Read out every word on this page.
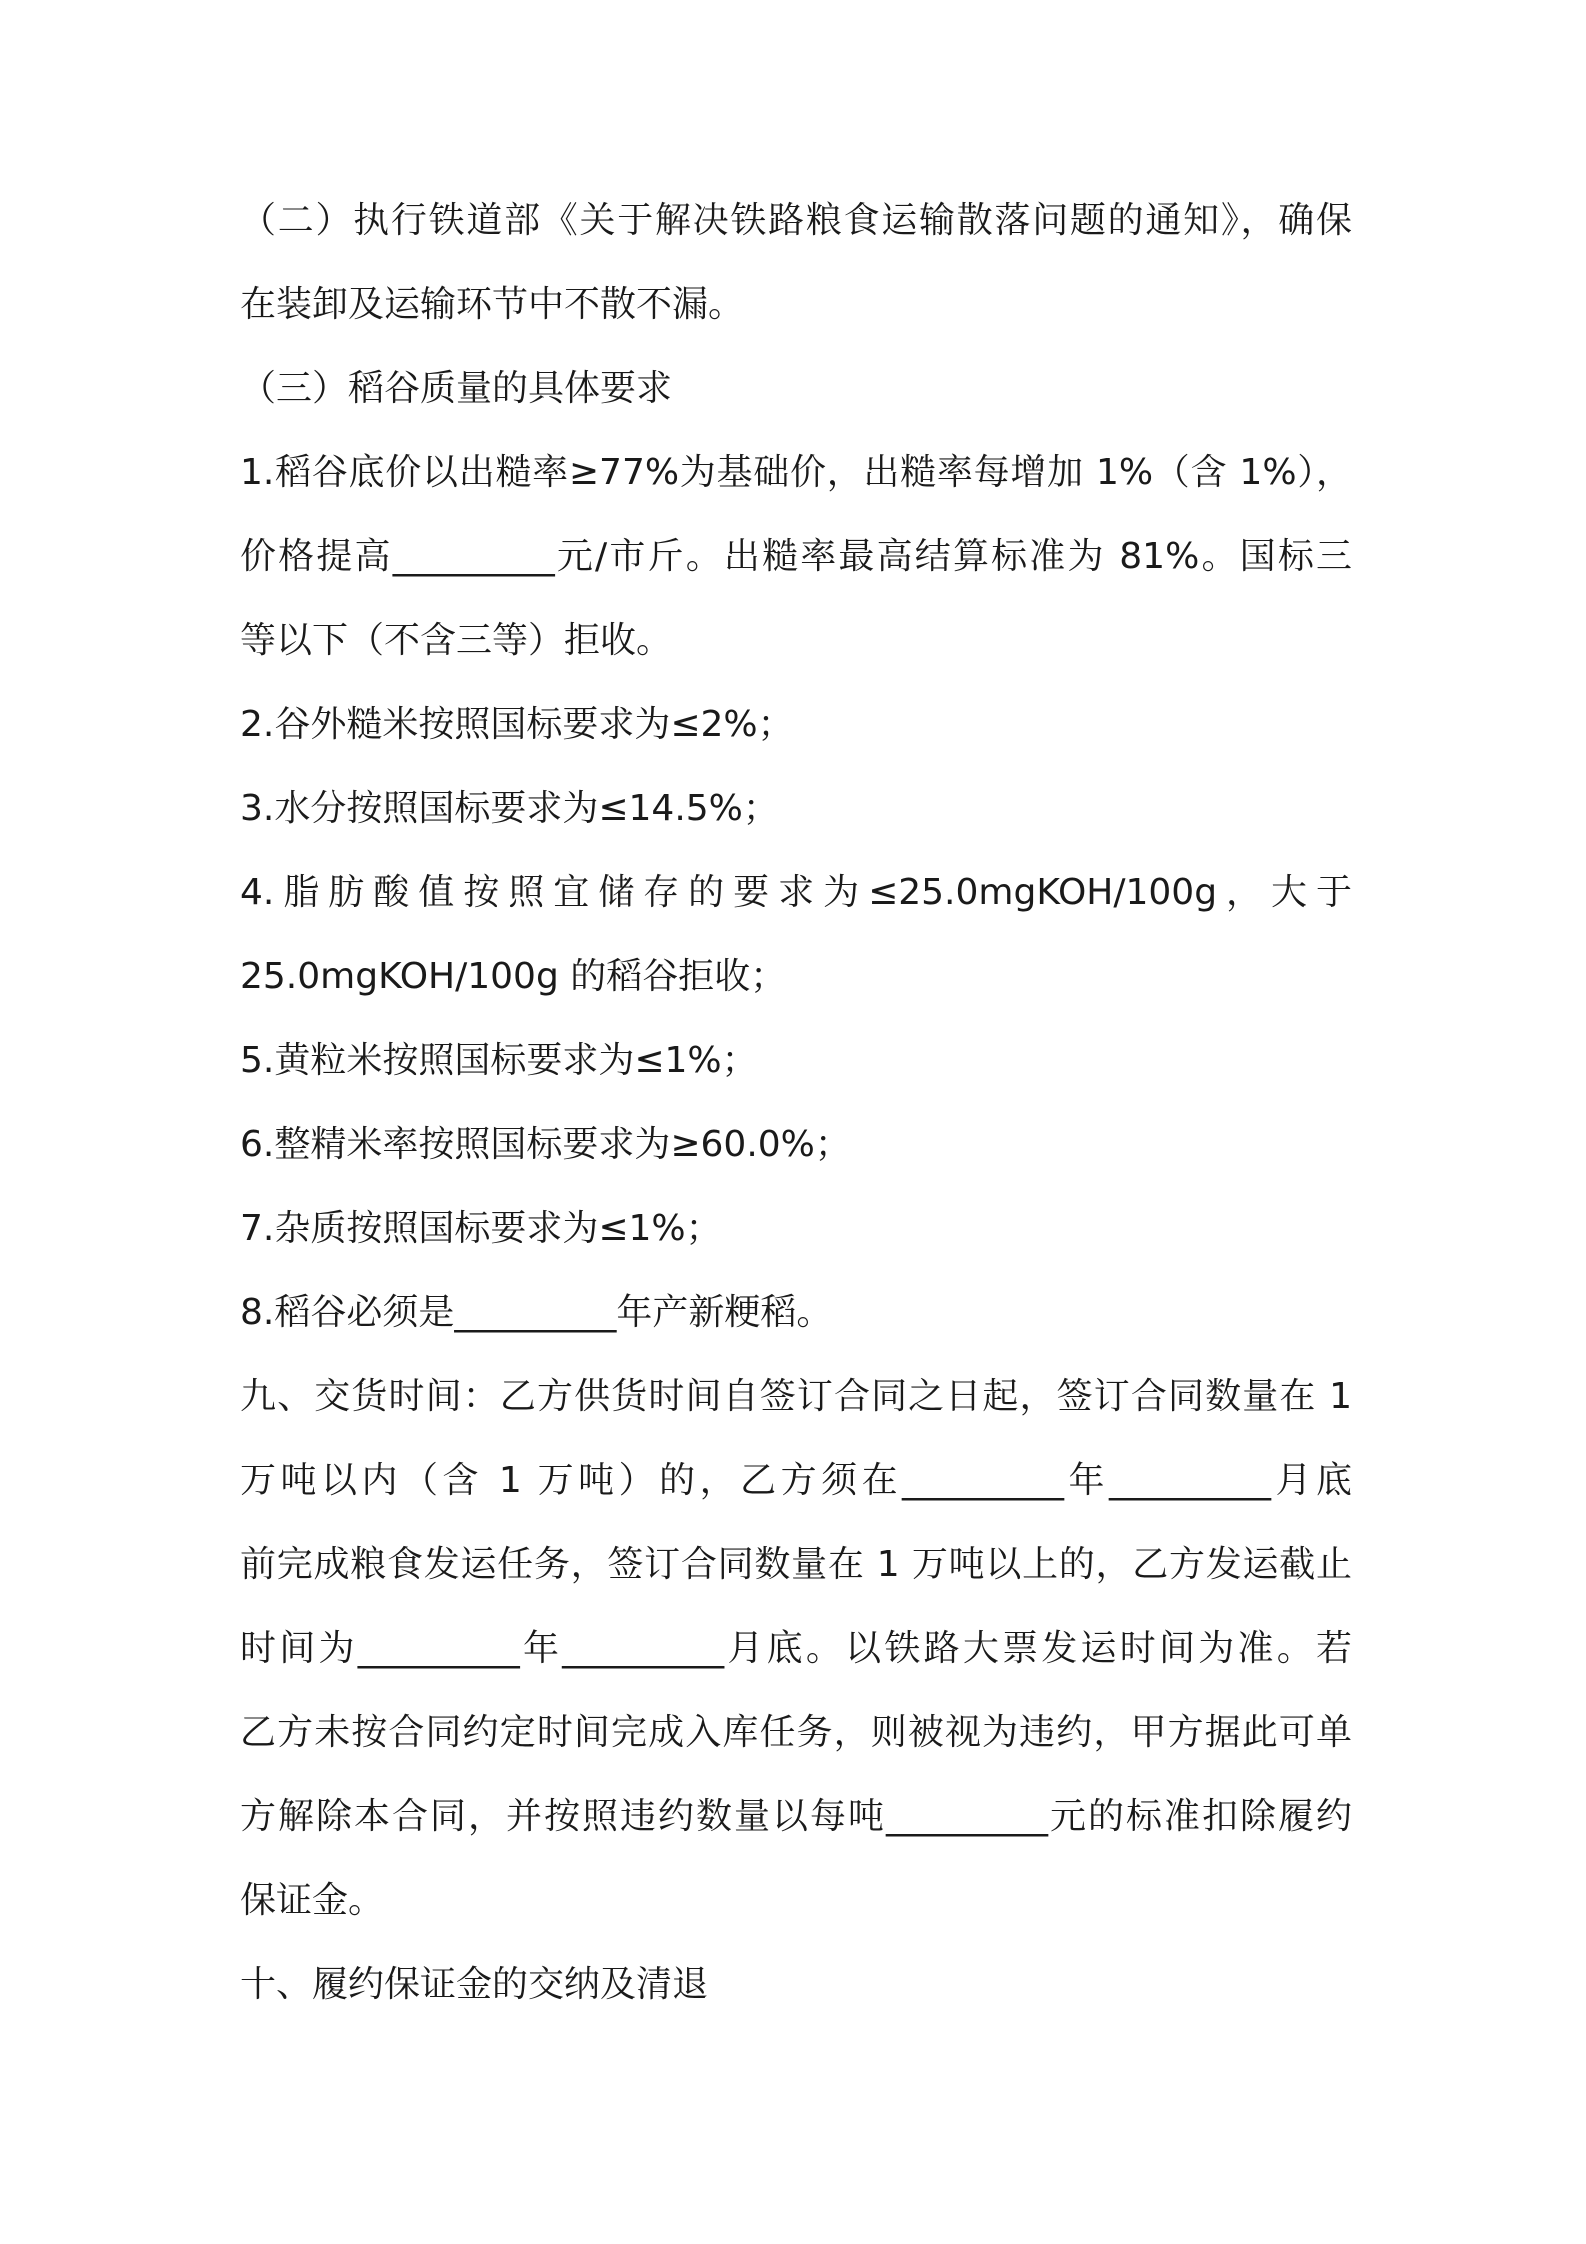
（二）执行铁道部《关于解决铁路粮食运输散落问题的通知》，确保
在装卸及运输环节中不散不漏。
（三）稻谷质量的具体要求
1.稻谷底价以出糙率≥77%为基础价，出糙率每增加 1%（含 1%），
价格提高_________元/市斤。出糙率最高结算标准为 81%。国标三
等以下（不含三等）拒收。
2.谷外糙米按照国标要求为≤2%；
3.水分按照国标要求为≤14.5%；
4.脂肪酸值按照宜储存的要求为≤25.0mgKOH/100g，大于
25.0mgKOH/100g 的稻谷拒收；
5.黄粒米按照国标要求为≤1%；
6.整精米率按照国标要求为≥60.0%；
7.杂质按照国标要求为≤1%；
8.稻谷必须是_________年产新粳稻。
九、交货时间：乙方供货时间自签订合同之日起，签订合同数量在 1
万吨以内（含 1 万吨）的，乙方须在_________年_________月底
前完成粮食发运任务，签订合同数量在 1 万吨以上的，乙方发运截止
时间为_________年_________月底。以铁路大票发运时间为准。若
乙方未按合同约定时间完成入库任务，则被视为违约，甲方据此可单
方解除本合同，并按照违约数量以每吨_________元的标准扣除履约
保证金。
十、履约保证金的交纳及清退
